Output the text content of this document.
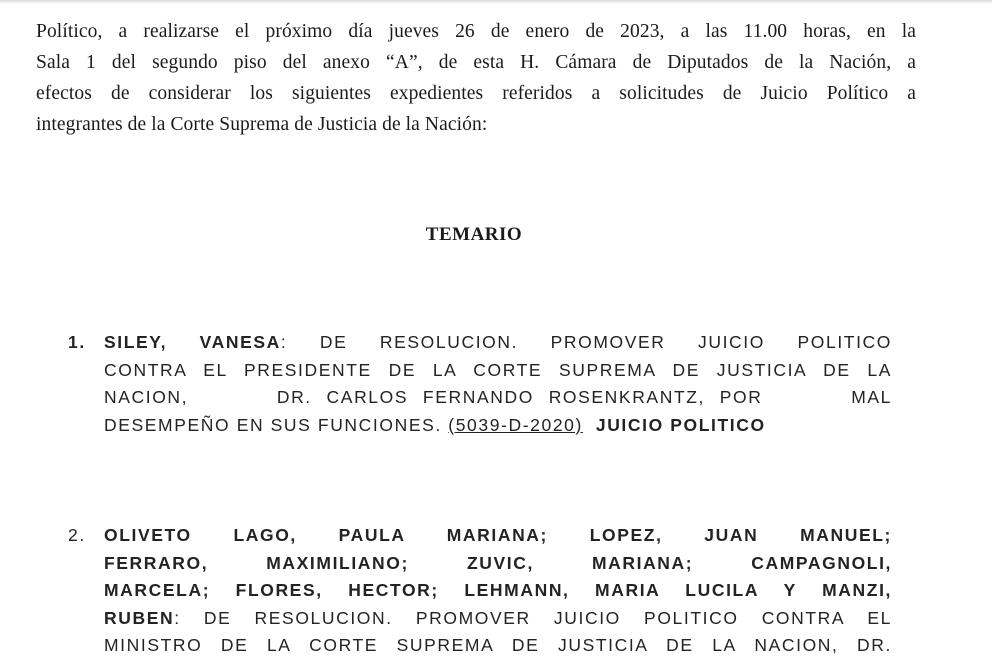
Político, a realizarse el próximo día jueves 26 de enero de 2023, a las 11.00 horas, en la
Sala 1 del segundo piso del anexo “A”, de esta H. Cámara de Diputados de la Nación, a
efectos de considerar los siguientes expedientes referidos a solicitudes de Juicio Político a
integrantes de la Corte Suprema de Justicia de la Nación:
TEMARIO
1.	SILEY, VANESA: DE RESOLUCION. PROMOVER JUICIO POLITICO
CONTRA EL PRESIDENTE DE LA CORTE SUPREMA DE JUSTICIA DE LA
NACION,      DR. CARLOS FERNANDO ROSENKRANTZ, POR      MAL
DESEMPEÑO EN SUS FUNCIONES. (5039-D-2020) JUICIO POLITICO
2.	OLIVETO LAGO, PAULA MARIANA; LOPEZ, JUAN MANUEL;
FERRARO, MAXIMILIANO; ZUVIC, MARIANA; CAMPAGNOLI,
MARCELA; FLORES, HECTOR; LEHMANN, MARIA LUCILA Y MANZI,
RUBEN: DE RESOLUCION. PROMOVER JUICIO POLITICO CONTRA EL
MINISTRO DE LA CORTE SUPREMA DE JUSTICIA DE LA NACION, DR.
